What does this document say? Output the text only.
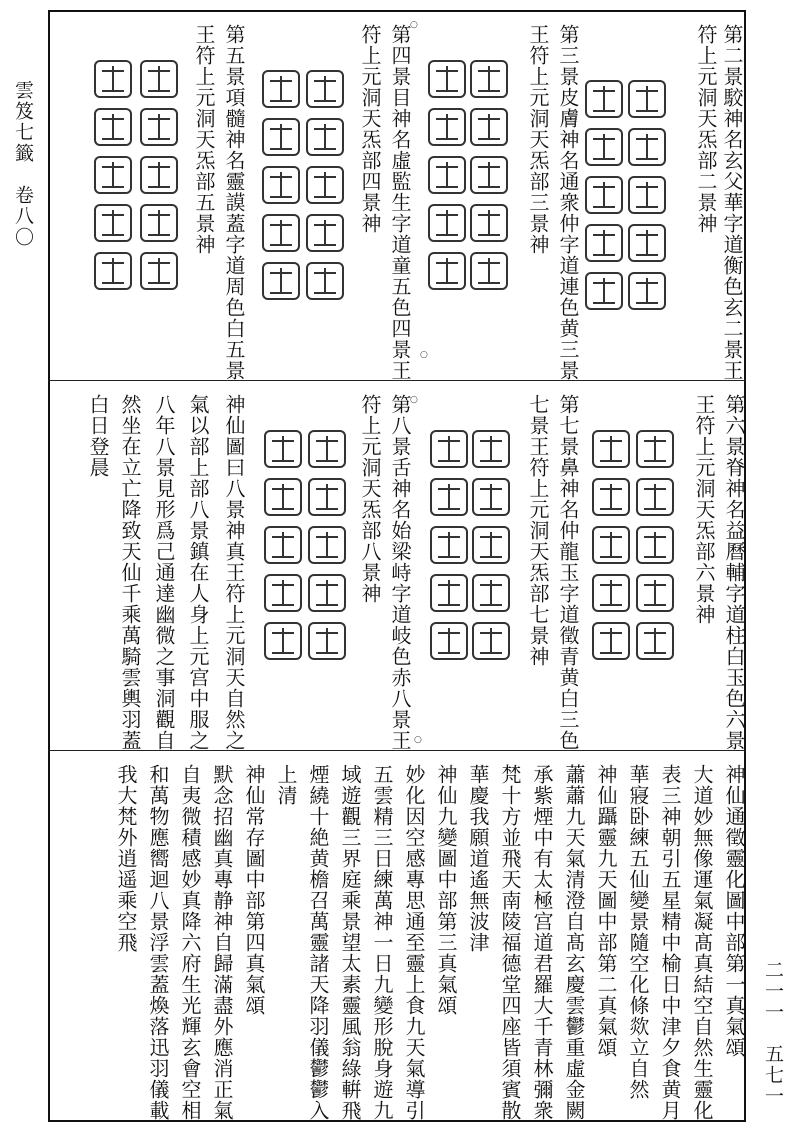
雲笈七籤　卷八〇
二一一　五七一
第二景駮神名玄父華字道衡色玄二景王
符上元洞天炁部二景神
第三景皮膚神名通衆仲字道連色黄三景
王符上元洞天炁部三景神
第四景目神名虛監生字道童五色四景王
符上元洞天炁部四景神
第五景項髓神名靈謨蓋字道周色白五景
王符上元洞天炁部五景神
第六景脊神名益曆輔字道柱白玉色六景
王符上元洞天炁部六景神
第七景鼻神名仲龍玉字道徵青黄白三色
七景王符上元洞天炁部七景神
第八景舌神名始梁峙字道岐色赤八景王
符上元洞天炁部八景神
神仙圖曰八景神真王符上元洞天自然之
氣以部上部八景鎮在人身上元宫中服之
八年八景見形爲己通達幽微之事洞觀自
然坐在立亡降致天仙千乘萬騎雲輿羽蓋
白日登晨
神仙通徵靈化圖中部第一真氣頌
大道妙無像運氣凝髙真結空自然生靈化
表三神朝引五星精中榆日中津夕食黄月
華寢卧練五仙變景隨空化條欻立自然
神仙躡靈九天圖中部第二真氣頌
蕭蕭九天氣清澄自髙玄慶雲鬱重虛金闕
承紫煙中有太極宫道君羅大千青林彌衆
梵十方並飛天南陵福德堂四座皆須賓散
華慶我願道遙無波津
神仙九變圖中部第三真氣頌
妙化因空感專思通至靈上食九天氣導引
五雲精三日練萬神一日九變形脫身遊九
域遊觀三界庭乘景望太素靈風翁綠輧飛
煙繞十絶黄檐召萬靈諸天降羽儀鬱鬱入
上清
神仙常存圖中部第四真氣頌
默念招幽真專静神自歸滿盡外應消正氣
自夷微積感妙真降六府生光輝玄會空相
和萬物應嚮迴八景浮雲蓋煥落迅羽儀載
我大梵外逍遥乘空飛
○
○
○
○
